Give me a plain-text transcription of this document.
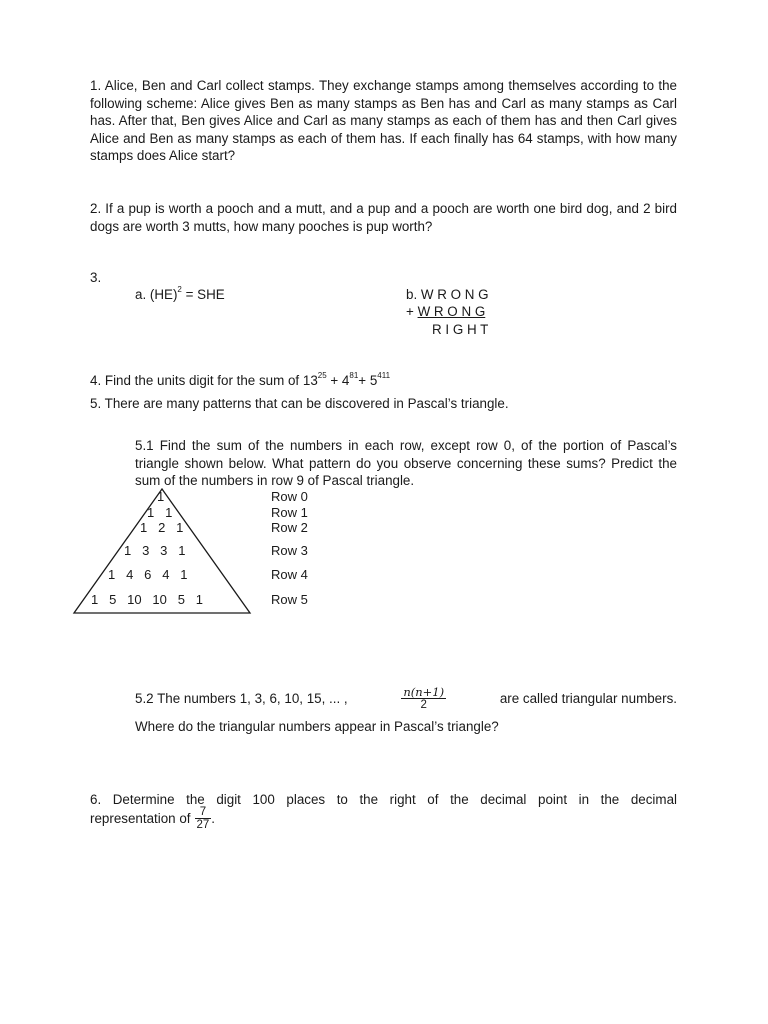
1. Alice, Ben and Carl collect stamps. They exchange stamps among themselves according to the following scheme: Alice gives Ben as many stamps as Ben has and Carl as many stamps as Carl has. After that, Ben gives Alice and Carl as many stamps as each of them has and then Carl gives Alice and Ben as many stamps as each of them has. If each finally has 64 stamps, with how many stamps does Alice start?
2. If a pup is worth a pooch and a mutt, and a pup and a pooch are worth one bird dog, and 2 bird dogs are worth 3 mutts, how many pooches is pup worth?
3.
a. (HE)$^2$ = SHE	b. W R O N G
+ W R O N G
R I G H T
4. Find the units digit for the sum of $13^{25} + 4^{81}+ 5^{411}$
5. There are many patterns that can be discovered in Pascal’s triangle.
5.1 Find the sum of the numbers in each row, except row 0, of the portion of Pascal’s triangle shown below. What pattern do you observe concerning these sums? Predict the sum of the numbers in row 9 of Pascal triangle.
1
1   1
1   2   1
1   3   3   1
1   4   6   4   1
1   5   10   10   5   1
Row 0
Row 1
Row 2
Row 3
Row 4
Row 5
5.2 The numbers 1, 3, 6, 10, 15, ... ,	$\frac{n(n+1)}{2}$	are called triangular numbers.
Where do the triangular numbers appear in Pascal’s triangle?
6. Determine the digit 100 places to the right of the decimal point in the decimal
representation of $\frac{7}{27}$ .
